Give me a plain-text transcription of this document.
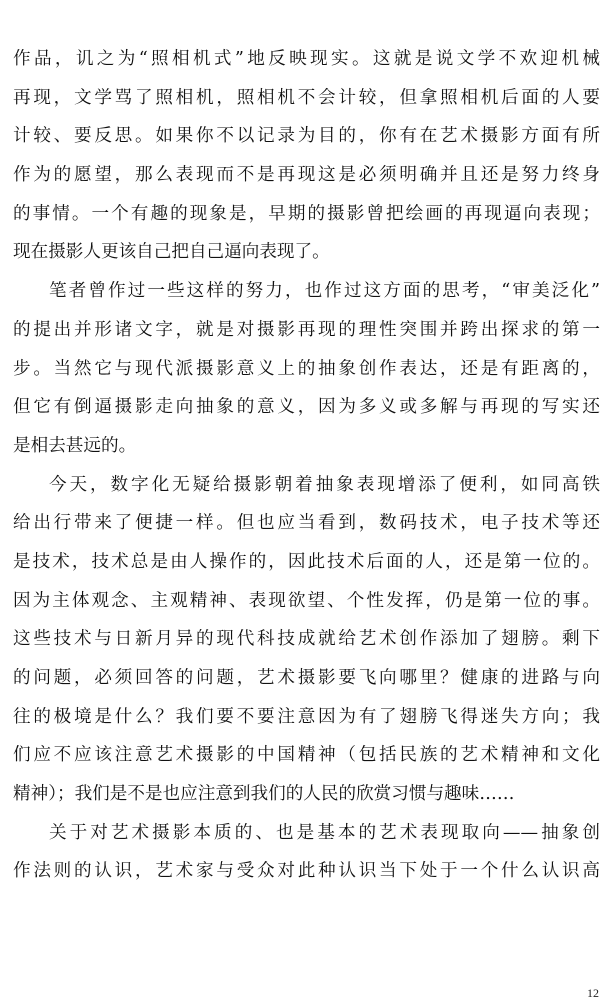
作品，讥之为“照相机式”地反映现实。这就是说文学不欢迎机械
再现，文学骂了照相机，照相机不会计较，但拿照相机后面的人要
计较、要反思。如果你不以记录为目的，你有在艺术摄影方面有所
作为的愿望，那么表现而不是再现这是必须明确并且还是努力终身
的事情。一个有趣的现象是，早期的摄影曾把绘画的再现逼向表现；
现在摄影人更该自己把自己逼向表现了。
笔者曾作过一些这样的努力，也作过这方面的思考，“审美泛化”
的提出并形诸文字，就是对摄影再现的理性突围并跨出探求的第一
步。当然它与现代派摄影意义上的抽象创作表达，还是有距离的，
但它有倒逼摄影走向抽象的意义，因为多义或多解与再现的写实还
是相去甚远的。
今天，数字化无疑给摄影朝着抽象表现增添了便利，如同高铁
给出行带来了便捷一样。但也应当看到，数码技术，电子技术等还
是技术，技术总是由人操作的，因此技术后面的人，还是第一位的。
因为主体观念、主观精神、表现欲望、个性发挥，仍是第一位的事。
这些技术与日新月异的现代科技成就给艺术创作添加了翅膀。剩下
的问题，必须回答的问题，艺术摄影要飞向哪里？健康的进路与向
往的极境是什么？我们要不要注意因为有了翅膀飞得迷失方向；我
们应不应该注意艺术摄影的中国精神（包括民族的艺术精神和文化
精神）；我们是不是也应注意到我们的人民的欣赏习惯与趣味……
关于对艺术摄影本质的、也是基本的艺术表现取向——抽象创
作法则的认识，艺术家与受众对此种认识当下处于一个什么认识高
12
